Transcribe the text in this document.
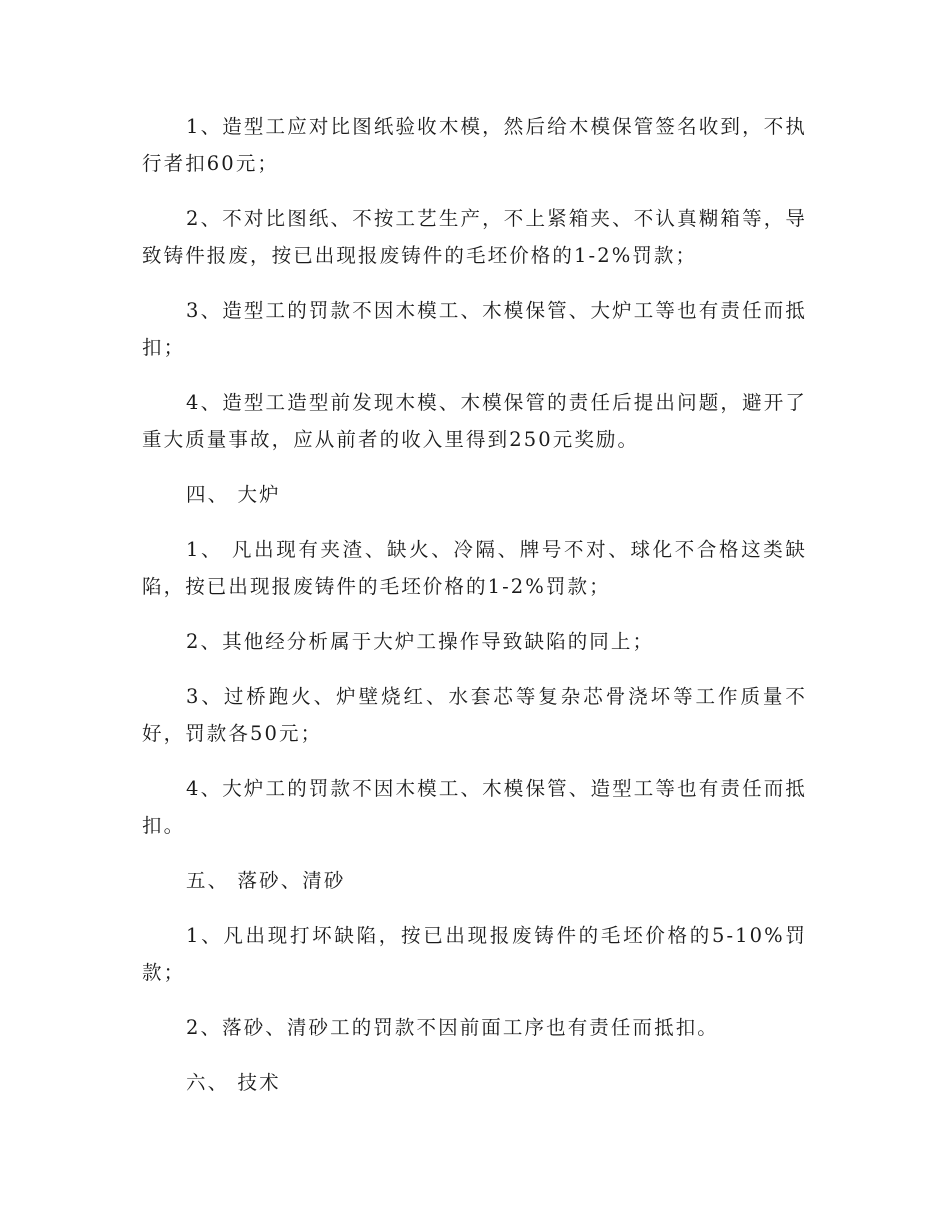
1、造型工应对比图纸验收木模，然后给木模保管签名收到，不执行者扣60元；

2、不对比图纸、不按工艺生产，不上紧箱夹、不认真糊箱等，导致铸件报废，按已出现报废铸件的毛坯价格的1-2%罚款；

3、造型工的罚款不因木模工、木模保管、大炉工等也有责任而抵扣；

4、造型工造型前发现木模、木模保管的责任后提出问题，避开了重大质量事故，应从前者的收入里得到250元奖励。

四、 大炉

1、 凡出现有夹渣、缺火、冷隔、牌号不对、球化不合格这类缺陷，按已出现报废铸件的毛坯价格的1-2%罚款；

2、其他经分析属于大炉工操作导致缺陷的同上；

3、过桥跑火、炉壁烧红、水套芯等复杂芯骨浇坏等工作质量不好，罚款各50元；

4、大炉工的罚款不因木模工、木模保管、造型工等也有责任而抵扣。

五、 落砂、清砂

1、凡出现打坏缺陷，按已出现报废铸件的毛坯价格的5-10%罚款；

2、落砂、清砂工的罚款不因前面工序也有责任而抵扣。

六、 技术
